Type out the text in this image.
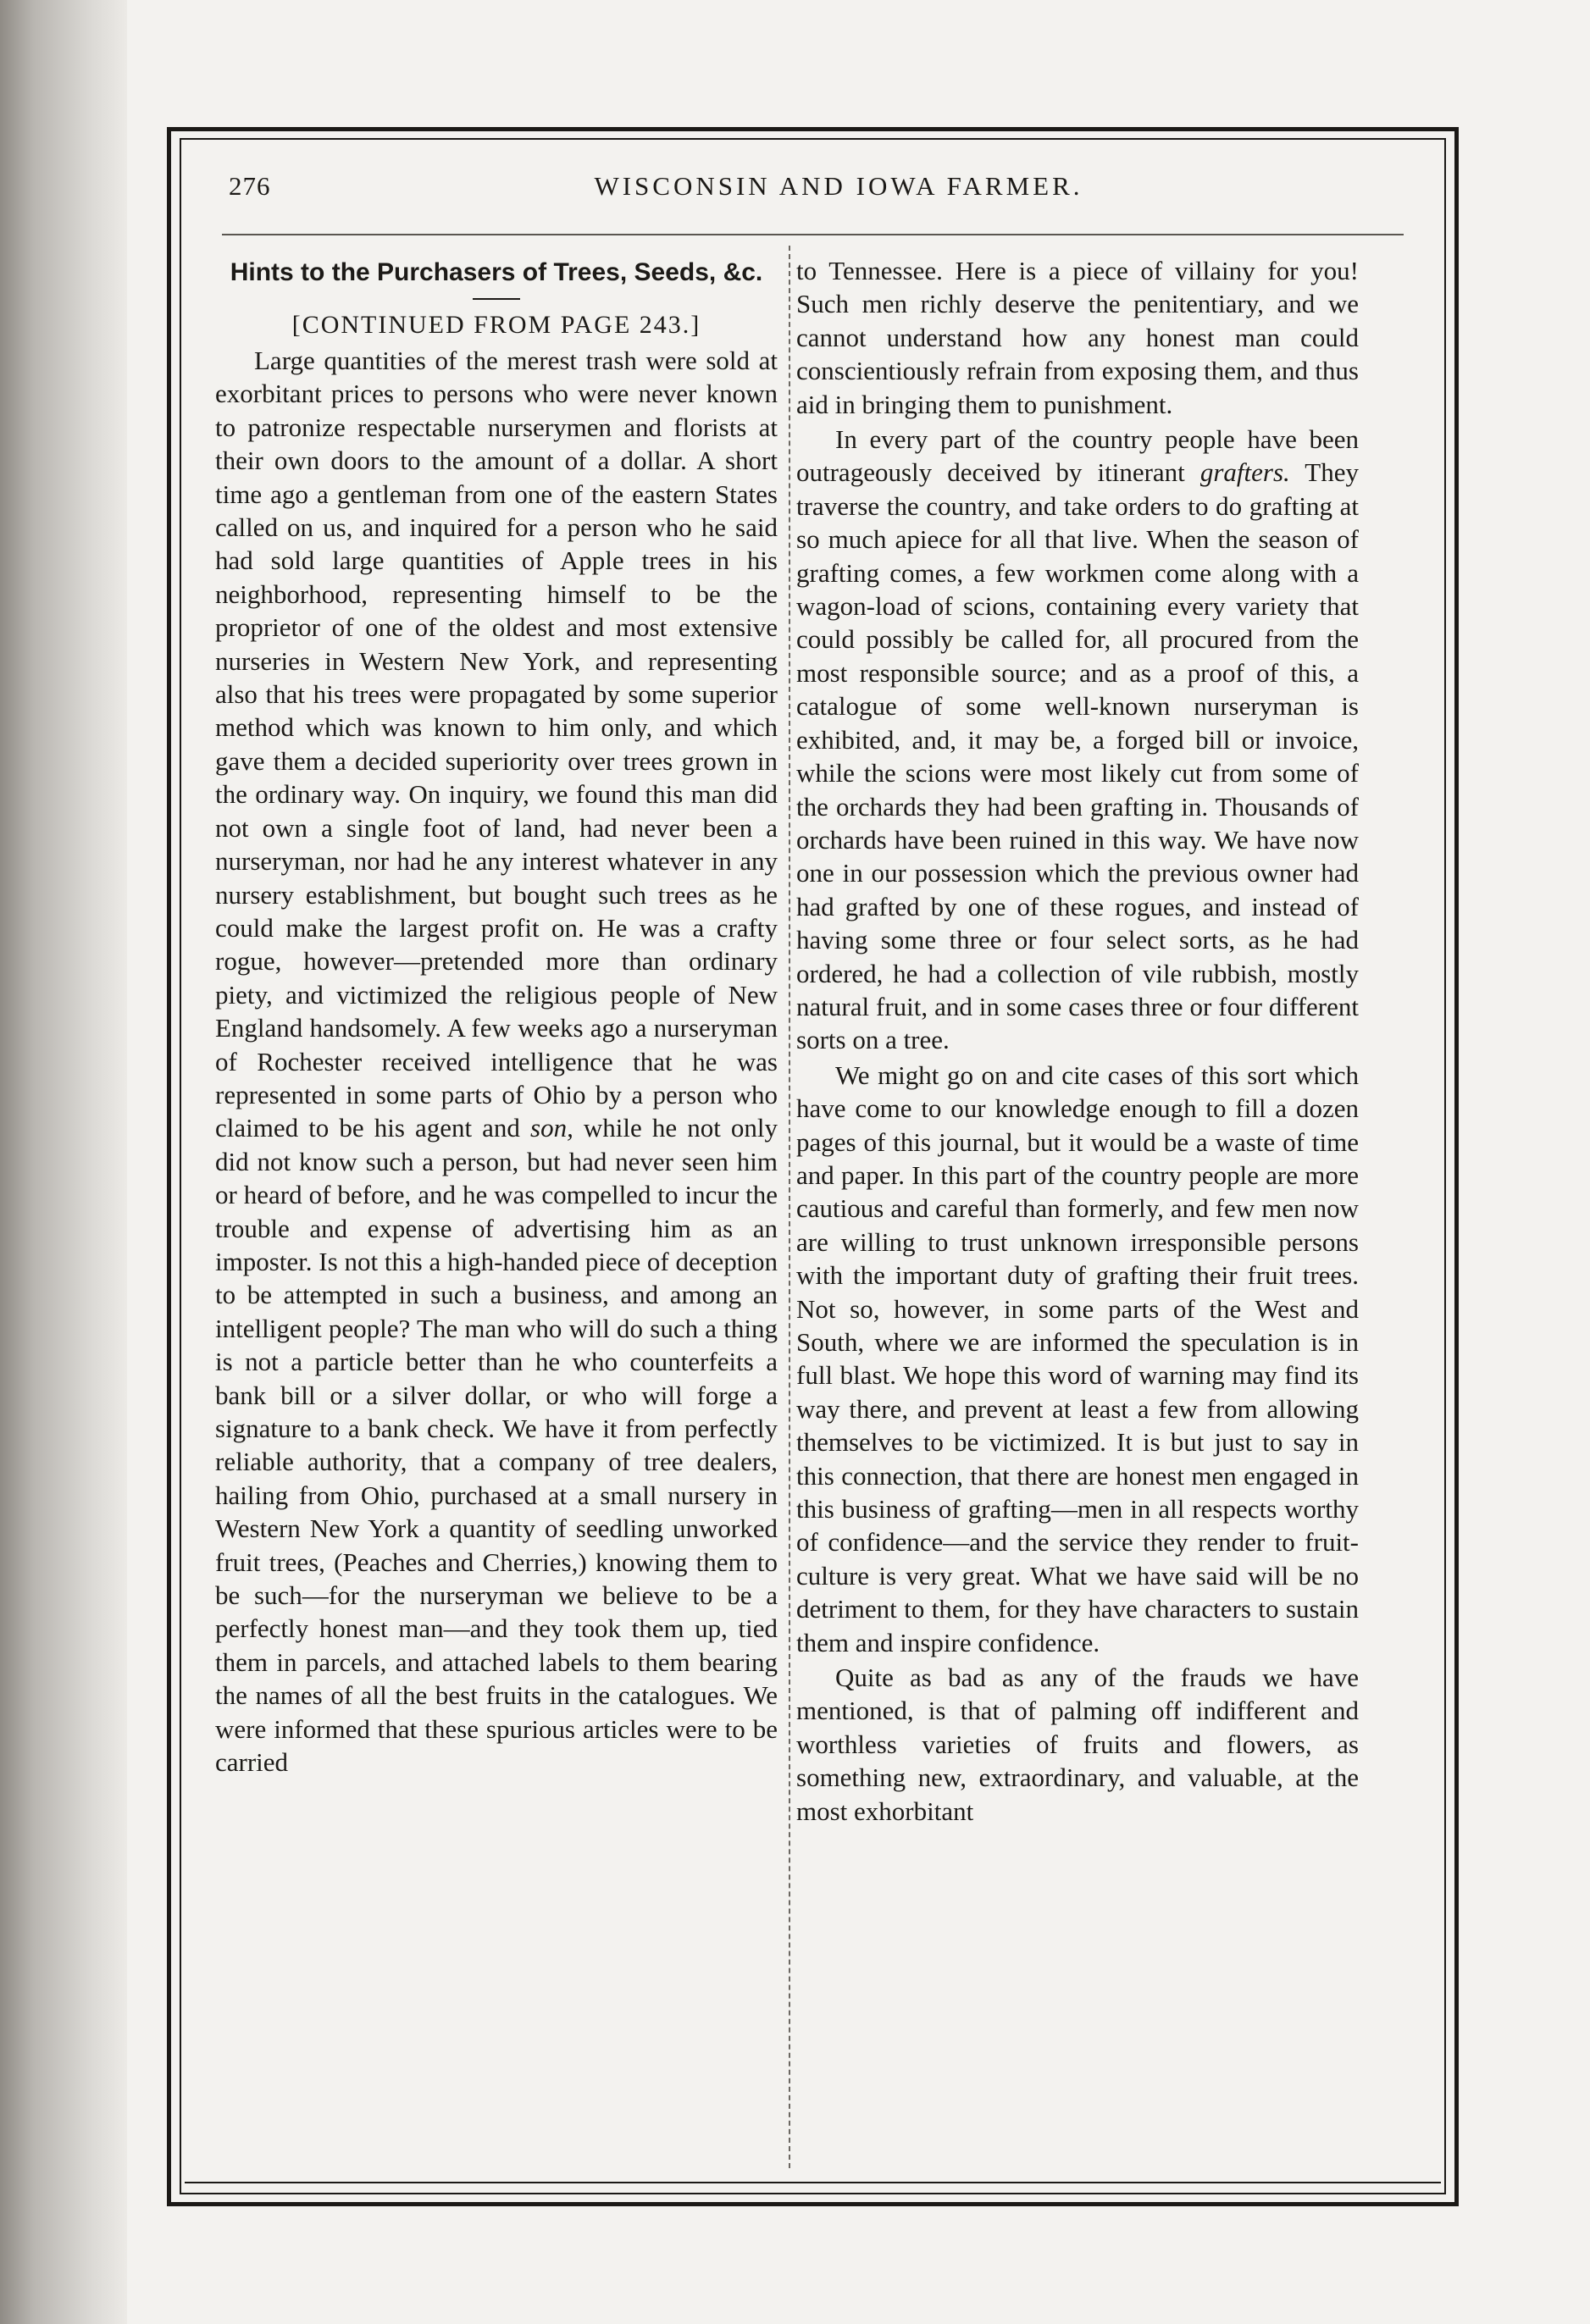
276	WISCONSIN AND IOWA FARMER.
Hints to the Purchasers of Trees, Seeds, &c.
[CONTINUED FROM PAGE 243.]

Large quantities of the merest trash were sold at exorbitant prices to persons who were never known to patronize respectable nurserymen and florists at their own doors to the amount of a dollar. A short time ago a gentleman from one of the eastern States called on us, and inquired for a person who he said had sold large quantities of Apple trees in his neighborhood, representing himself to be the proprietor of one of the oldest and most extensive nurseries in Western New York, and representing also that his trees were propagated by some superior method which was known to him only, and which gave them a decided superiority over trees grown in the ordinary way. On inquiry, we found this man did not own a single foot of land, had never been a nurseryman, nor had he any interest whatever in any nursery establishment, but bought such trees as he could make the largest profit on. He was a crafty rogue, however—pretended more than ordinary piety, and victimized the religious people of New England handsomely. A few weeks ago a nurseryman of Rochester received intelligence that he was represented in some parts of Ohio by a person who claimed to be his agent and son, while he not only did not know such a person, but had never seen him or heard of before, and he was compelled to incur the trouble and expense of advertising him as an imposter. Is not this a high-handed piece of deception to be attempted in such a business, and among an intelligent people? The man who will do such a thing is not a particle better than he who counterfeits a bank bill or a silver dollar, or who will forge a signature to a bank check. We have it from perfectly reliable authority, that a company of tree dealers, hailing from Ohio, purchased at a small nursery in Western New York a quantity of seedling unworked fruit trees, (Peaches and Cherries,) knowing them to be such—for the nurseryman we believe to be a perfectly honest man—and they took them up, tied them in parcels, and attached labels to them bearing the names of all the best fruits in the catalogues. We were informed that these spurious articles were to be carried

to Tennessee. Here is a piece of villainy for you! Such men richly deserve the penitentiary, and we cannot understand how any honest man could conscientiously refrain from exposing them, and thus aid in bringing them to punishment.

In every part of the country people have been outrageously deceived by itinerant grafters. They traverse the country, and take orders to do grafting at so much apiece for all that live. When the season of grafting comes, a few workmen come along with a wagon-load of scions, containing every variety that could possibly be called for, all procured from the most responsible source; and as a proof of this, a catalogue of some well-known nurseryman is exhibited, and, it may be, a forged bill or invoice, while the scions were most likely cut from some of the orchards they had been grafting in. Thousands of orchards have been ruined in this way. We have now one in our possession which the previous owner had had grafted by one of these rogues, and instead of having some three or four select sorts, as he had ordered, he had a collection of vile rubbish, mostly natural fruit, and in some cases three or four different sorts on a tree.

We might go on and cite cases of this sort which have come to our knowledge enough to fill a dozen pages of this journal, but it would be a waste of time and paper. In this part of the country people are more cautious and careful than formerly, and few men now are willing to trust unknown irresponsible persons with the important duty of grafting their fruit trees. Not so, however, in some parts of the West and South, where we are informed the speculation is in full blast. We hope this word of warning may find its way there, and prevent at least a few from allowing themselves to be victimized. It is but just to say in this connection, that there are honest men engaged in this business of grafting—men in all respects worthy of confidence—and the service they render to fruit-culture is very great. What we have said will be no detriment to them, for they have characters to sustain them and inspire confidence.

Quite as bad as any of the frauds we have mentioned, is that of palming off indifferent and worthless varieties of fruits and flowers, as something new, extraordinary, and valuable, at the most exhorbitant
